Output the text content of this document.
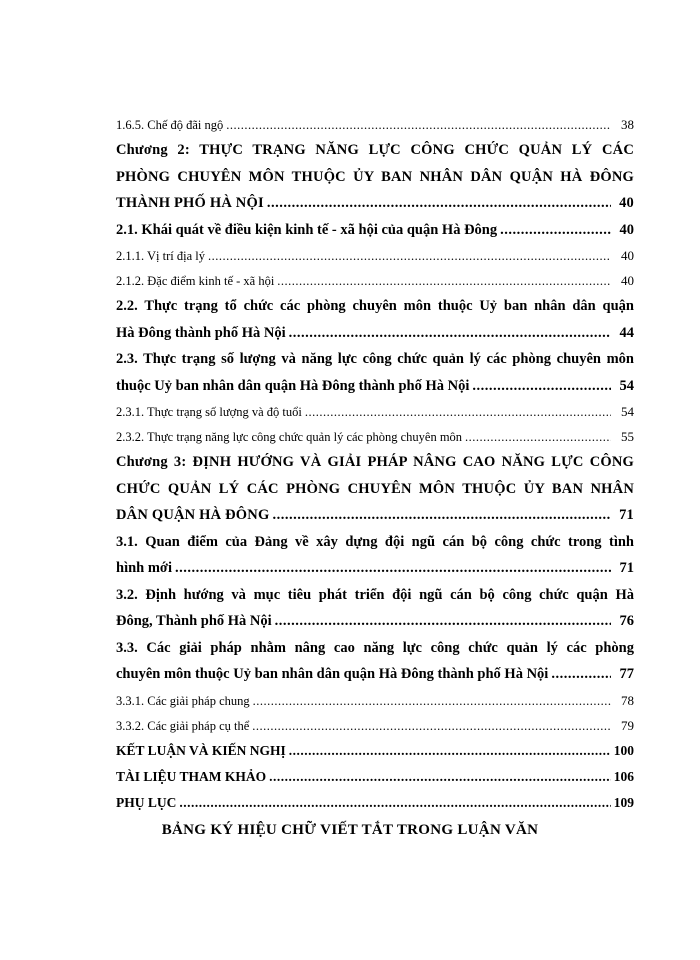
1.6.5. Chế độ đãi ngộ .....	38
Chương 2: THỰC TRẠNG NĂNG LỰC CÔNG CHỨC QUẢN LÝ CÁC
PHÒNG CHUYÊN MÔN THUỘC ỦY BAN NHÂN DÂN QUẬN HÀ ĐÔNG
THÀNH PHỐ HÀ NỘI .....	40
2.1. Khái quát về điều kiện kinh tế - xã hội của quận Hà Đông .....	40
2.1.1. Vị trí địa lý .....	40
2.1.2. Đặc điểm kinh tế - xã hội .....	40
2.2. Thực trạng tổ chức các phòng chuyên môn thuộc Uỷ ban nhân dân quận
Hà Đông thành phố Hà Nội .....	44
2.3. Thực trạng số lượng và năng lực công chức quản lý các phòng chuyên môn
thuộc Uỷ ban nhân dân quận Hà Đông thành phố Hà Nội .....	54
2.3.1. Thực trạng số lượng và độ tuổi .....	54
2.3.2. Thực trạng năng lực công chức quản lý các phòng chuyên môn .....	55
Chương 3: ĐỊNH HƯỚNG VÀ GIẢI PHÁP NÂNG CAO NĂNG LỰC CÔNG
CHỨC QUẢN LÝ CÁC PHÒNG CHUYÊN MÔN THUỘC ỦY BAN NHÂN
DÂN QUẬN HÀ ĐÔNG .....	71
3.1. Quan điểm của Đảng về xây dựng đội ngũ cán bộ công chức trong tình
hình mới .....	71
3.2. Định hướng và mục tiêu phát triển đội ngũ cán bộ công chức quận Hà
Đông, Thành phố Hà Nội .....	76
3.3. Các giải pháp nhằm nâng cao năng lực công chức quản lý các phòng
chuyên môn thuộc Uỷ ban nhân dân quận Hà Đông thành phố Hà Nội .....	77
3.3.1. Các giải pháp chung .....	78
3.3.2. Các giải pháp cụ thể .....	79
KẾT LUẬN VÀ KIẾN NGHỊ .....	100
TÀI LIỆU THAM KHẢO .....	106
PHỤ LỤC .....	109
BẢNG KÝ HIỆU CHỮ VIẾT TẮT TRONG LUẬN VĂN
